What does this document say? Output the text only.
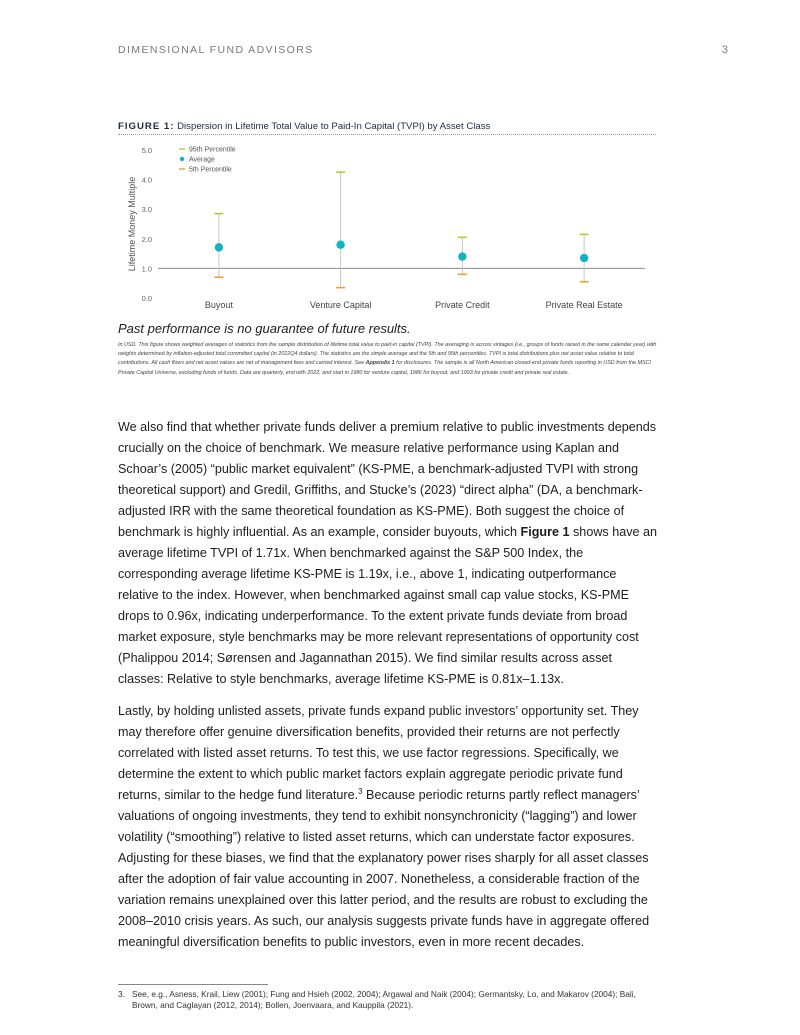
DIMENSIONAL FUND ADVISORS	3
FIGURE 1: Dispersion in Lifetime Total Value to Paid-In Capital (TVPI) by Asset Class
0.0
1.0
2.0
3.0
4.0
5.0
Buyout	Venture Capital	Private Credit	Private Real Estate
Lifetime Money Multiple
95th Percentile
Average
5th Percentile
Past performance is no guarantee of future results.

In USD. This figure shows weighted averages of statistics from the sample distribution of lifetime total value to paid-in capital (TVPI). The averaging is across vintages (i.e., groups of funds raised in the same calendar year) with weights determined by inflation-adjusted total committed capital (in 2022Q4 dollars). The statistics are the simple average and the 5th and 95th percentiles. TVPI is total distributions plus net asset value relative to total contributions. All cash flows and net asset values are net of management fees and carried interest. See Appendix 1 for disclosures. The sample is all North American closed-end private funds reporting in USD from the MSCI Private Capital Universe, excluding funds of funds. Data are quarterly, end with 2022, and start in 1980 for venture capital, 1986 for buyout, and 1993 for private credit and private real estate.

We also find that whether private funds deliver a premium relative to public investments depends crucially on the choice of benchmark. We measure relative performance using Kaplan and Schoar’s (2005) “public market equivalent” (KS-PME, a benchmark-adjusted TVPI with strong theoretical support) and Gredil, Griffiths, and Stucke’s (2023) “direct alpha” (DA, a benchmark-adjusted IRR with the same theoretical foundation as KS-PME). Both suggest the choice of benchmark is highly influential. As an example, consider buyouts, which Figure 1 shows have an average lifetime TVPI of 1.71x. When benchmarked against the S&P 500 Index, the corresponding average lifetime KS-PME is 1.19x, i.e., above 1, indicating outperformance relative to the index. However, when benchmarked against small cap value stocks, KS-PME drops to 0.96x, indicating underperformance. To the extent private funds deviate from broad market exposure, style benchmarks may be more relevant representations of opportunity cost (Phalippou 2014; Sørensen and Jagannathan 2015). We find similar results across asset classes: Relative to style benchmarks, average lifetime KS-PME is 0.81x–1.13x.

Lastly, by holding unlisted assets, private funds expand public investors’ opportunity set. They may therefore offer genuine diversification benefits, provided their returns are not perfectly correlated with listed asset returns. To test this, we use factor regressions. Specifically, we determine the extent to which public market factors explain aggregate periodic private fund returns, similar to the hedge fund literature.$^3$ Because periodic returns partly reflect managers’ valuations of ongoing investments, they tend to exhibit nonsynchronicity (“lagging”) and lower volatility (“smoothing”) relative to listed asset returns, which can understate factor exposures. Adjusting for these biases, we find that the explanatory power rises sharply for all asset classes after the adoption of fair value accounting in 2007. Nonetheless, a considerable fraction of the variation remains unexplained over this latter period, and the results are robust to excluding the 2008–2010 crisis years. As such, our analysis suggests private funds have in aggregate offered meaningful diversification benefits to public investors, even in more recent decades.

3. See, e.g., Asness, Krail, Liew (2001); Fung and Hsieh (2002, 2004); Argawal and Naik (2004); Germantsky, Lo, and Makarov (2004); Bali, Brown, and Caglayan (2012, 2014); Bollen, Joenvaara, and Kauppila (2021).
